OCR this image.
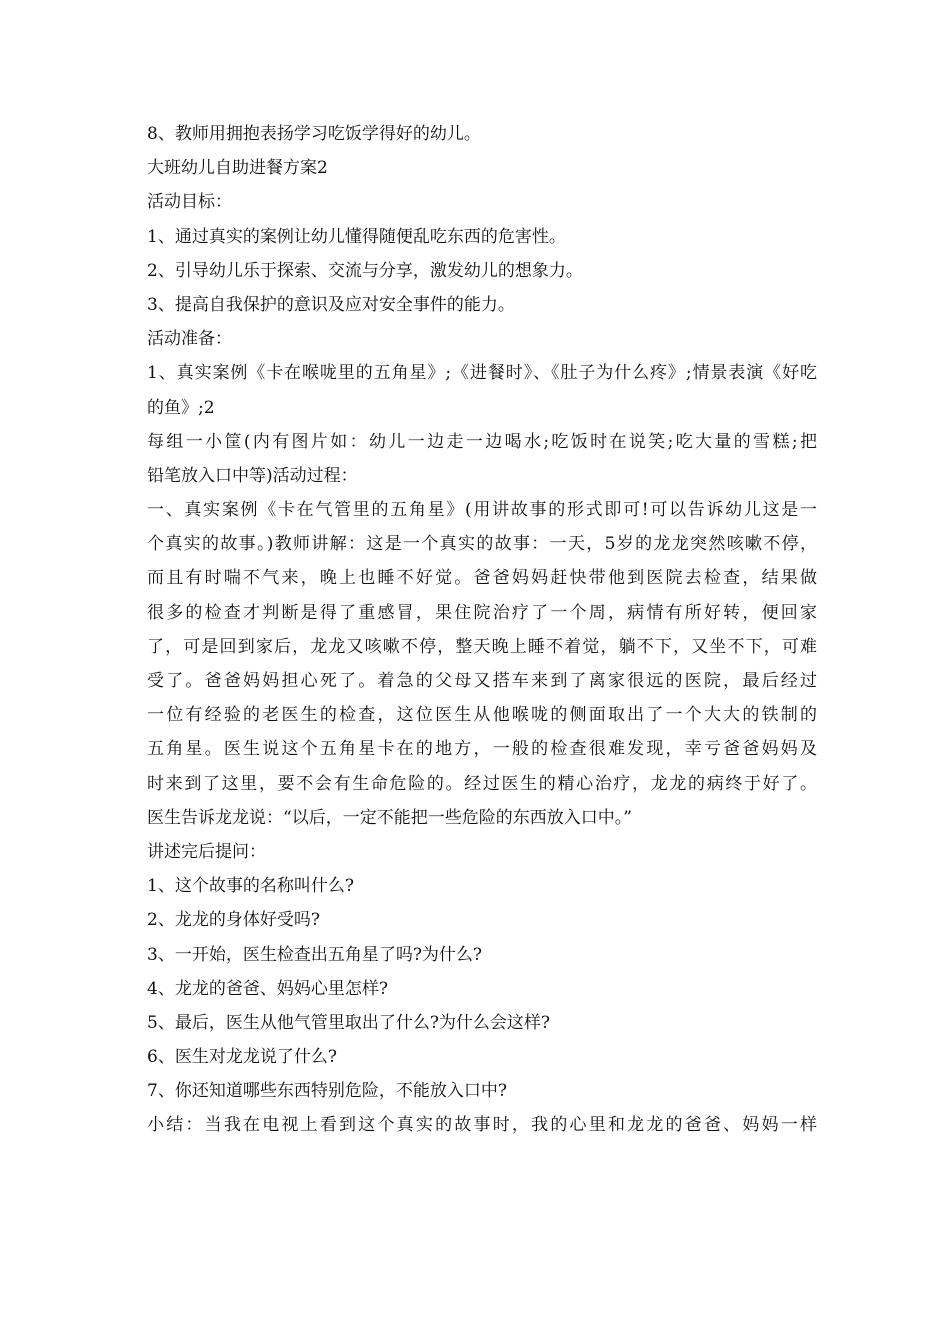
8、教师用拥抱表扬学习吃饭学得好的幼儿。
大班幼儿自助进餐方案2
活动目标：
1、通过真实的案例让幼儿懂得随便乱吃东西的危害性。
2、引导幼儿乐于探索、交流与分享，激发幼儿的想象力。
3、提高自我保护的意识及应对安全事件的能力。
活动准备：
1、真实案例《卡在喉咙里的五角星》;《进餐时》、《肚子为什么疼》;情景表演《好吃
的鱼》;2
每组一小筐(内有图片如：幼儿一边走一边喝水;吃饭时在说笑;吃大量的雪糕;把
铅笔放入口中等)活动过程：
一、真实案例《卡在气管里的五角星》(用讲故事的形式即可!可以告诉幼儿这是一
个真实的故事。)教师讲解：这是一个真实的故事：一天，5岁的龙龙突然咳嗽不停，
而且有时喘不气来，晚上也睡不好觉。爸爸妈妈赶快带他到医院去检查，结果做
很多的检查才判断是得了重感冒，果住院治疗了一个周，病情有所好转，便回家
了，可是回到家后，龙龙又咳嗽不停，整天晚上睡不着觉，躺不下，又坐不下，可难
受了。爸爸妈妈担心死了。着急的父母又搭车来到了离家很远的医院，最后经过
一位有经验的老医生的检查，这位医生从他喉咙的侧面取出了一个大大的铁制的
五角星。医生说这个五角星卡在的地方，一般的检查很难发现，幸亏爸爸妈妈及
时来到了这里，要不会有生命危险的。经过医生的精心治疗，龙龙的病终于好了。
医生告诉龙龙说：“以后，一定不能把一些危险的东西放入口中。”
讲述完后提问：
1、这个故事的名称叫什么?
2、龙龙的身体好受吗?
3、一开始，医生检查出五角星了吗?为什么?
4、龙龙的爸爸、妈妈心里怎样?
5、最后，医生从他气管里取出了什么?为什么会这样?
6、医生对龙龙说了什么?
7、你还知道哪些东西特别危险，不能放入口中?
小结：当我在电视上看到这个真实的故事时，我的心里和龙龙的爸爸、妈妈一样
